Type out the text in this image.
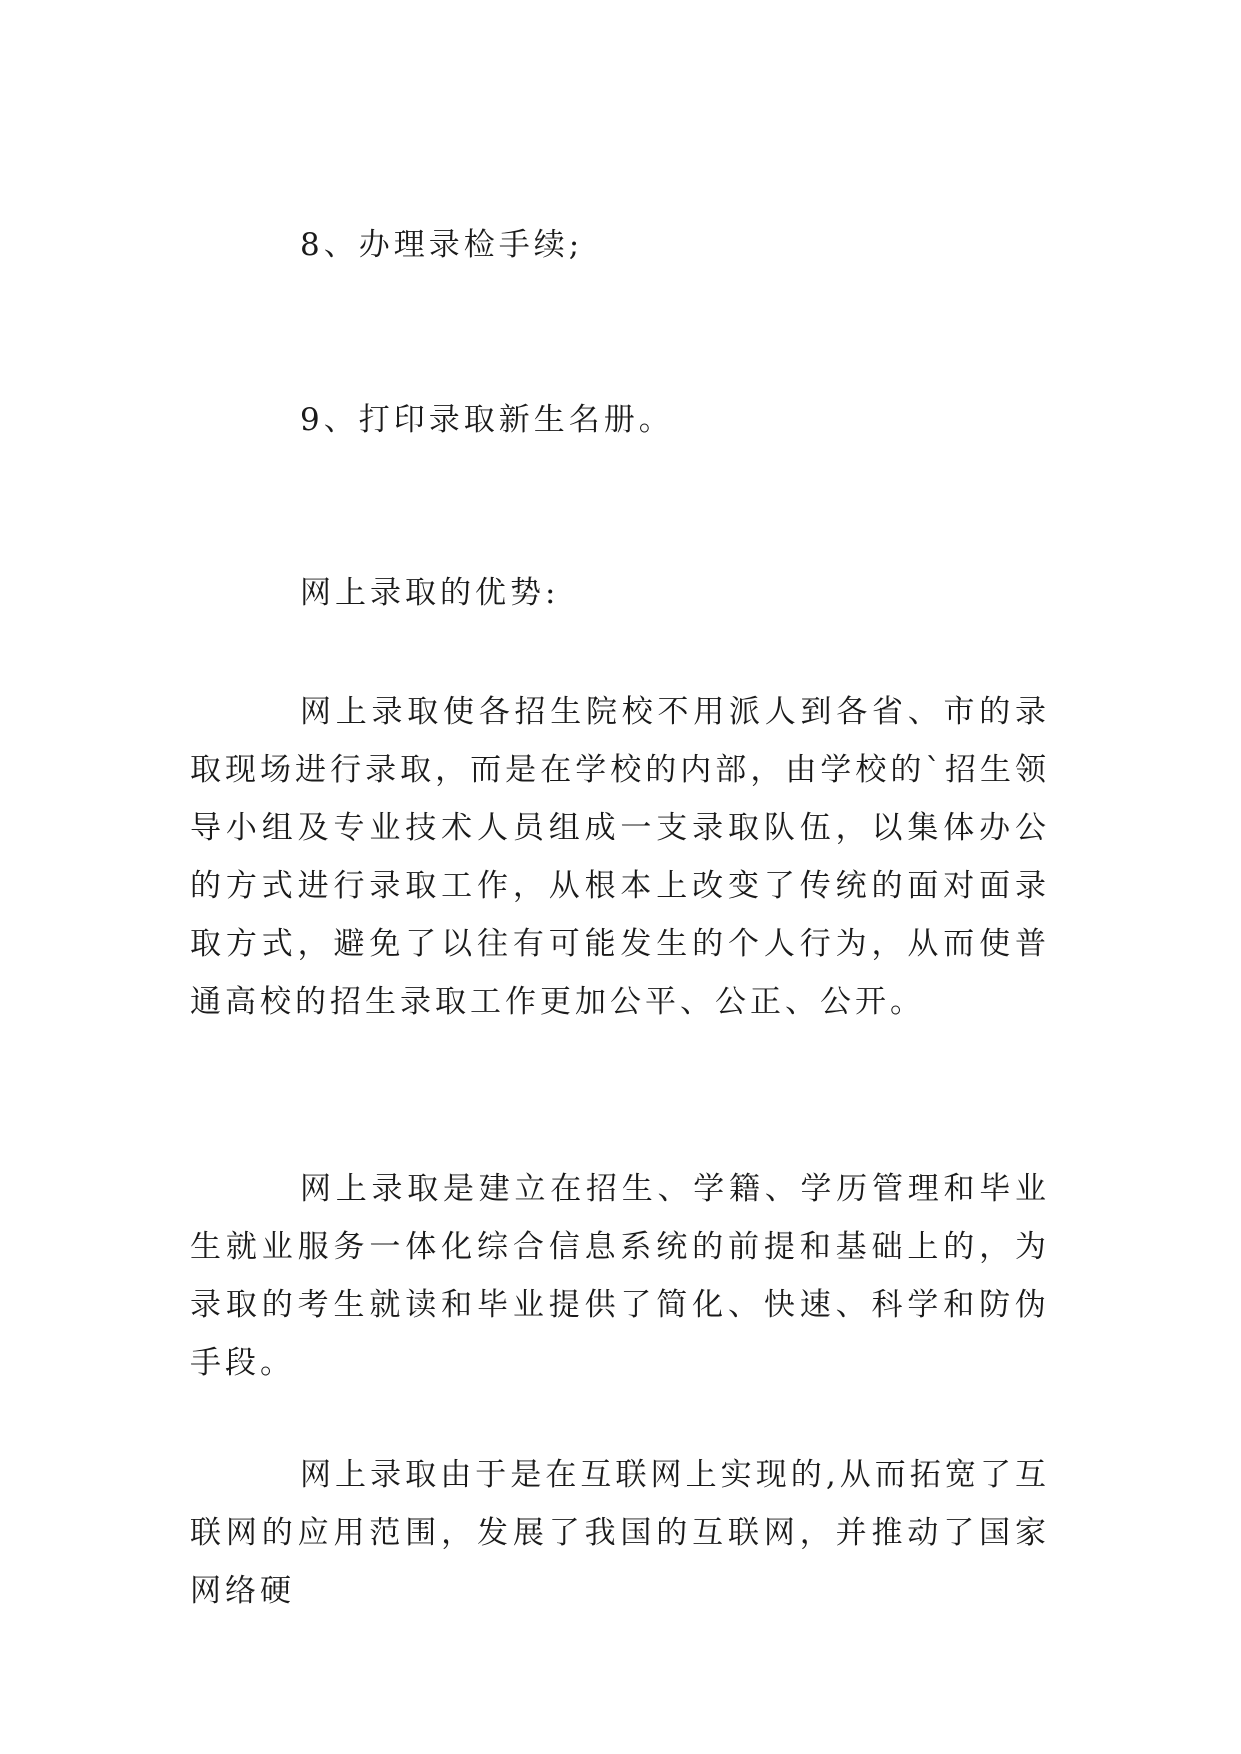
8、办理录检手续;
9、打印录取新生名册。
网上录取的优势:

网上录取使各招生院校不用派人到各省、市的录取现场进行录取，而是在学校的内部，由学校的`招生领导小组及专业技术人员组成一支录取队伍，以集体办公的方式进行录取工作，从根本上改变了传统的面对面录取方式，避免了以往有可能发生的个人行为，从而使普通高校的招生录取工作更加公平、公正、公开。

网上录取是建立在招生、学籍、学历管理和毕业生就业服务一体化综合信息系统的前提和基础上的，为录取的考生就读和毕业提供了简化、快速、科学和防伪手段。

网上录取由于是在互联网上实现的,从而拓宽了互联网的应用范围，发展了我国的互联网，并推动了国家网络硬
